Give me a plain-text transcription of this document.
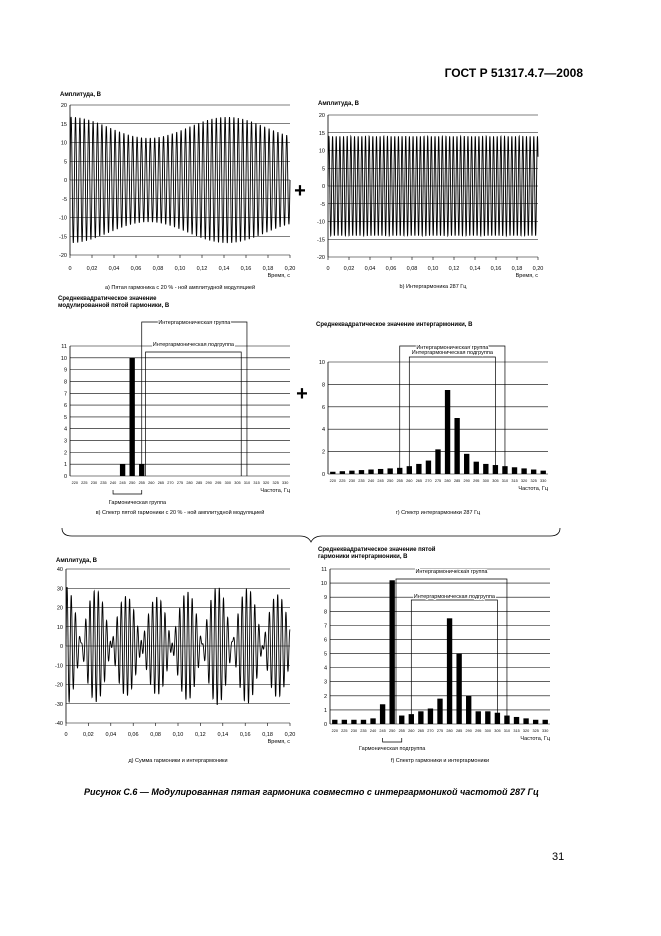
ГОСТ Р 51317.4.7—2008
Амплитуда, В
-20
-15
-10
-5
0
5
10
15
20
0	0,02 0,04 0,06 0,08 0,10 0,12 0,14 0,16 0,18 0,20
Время, с
а) Пятая гармоника с 20 % - ной амплитудной модуляцией
Амплитуда, В
-20
-15
-10
-5
0
5
10
15
20
0	0,02 0,04 0,06 0,08 0,10 0,12 0,14 0,16 0,18 0,20
Время, с
b) Интергармоника 287 Гц
Среднеквадратическое значение
модулированной пятой гармоники, В
0
1
2
3
4
5
6
7
8
9
10
11
220 225 230 235 240 245 250 255 260 265 270 275 280 285 290 295 300 305 310 315 320 325 330
Частота, Гц
в) Спектр пятой гармоники с 20 % - ной амплитудной модуляцией
Интергармоническая группа
Интергармоническая подгруппа
Гармоническая группа
Среднеквадратическое значение интергармоники, В
0
2
4
6
8
10
220 225 230 235 240 245 250 255 260 265 270 275 280 285 290 295 300 305 310 315 320 325 330
Частота, Гц
г) Спектр интергармоники 287 Гц
Интергармоническая группа
Интергармоническая подгруппа
Амплитуда, В
-40
-30
-20
-10
0
10
20
30
40
0	0,02 0,04 0,06 0,08 0,10 0,12 0,14 0,16 0,18 0,20
Время, с
д) Сумма гармоники и интергармоники
Среднеквадратическое значение пятой
гармоники интергармоники, В
0
1
2
3
4
5
6
7
8
9
10
11
220 225 230 235 240 245 250 255 260 265 270 275 280 285 290 295 300 305 310 315 320 325 330
Частота, Гц
f) Спектр гармоники и интергармоники
Интергармоническая группа
Интергармоническая подгруппа
Гармоническая подгруппа
+
+
Рисунок С.6 — Модулированная пятая гармоника совместно с интергармоникой частотой 287 Гц
31
